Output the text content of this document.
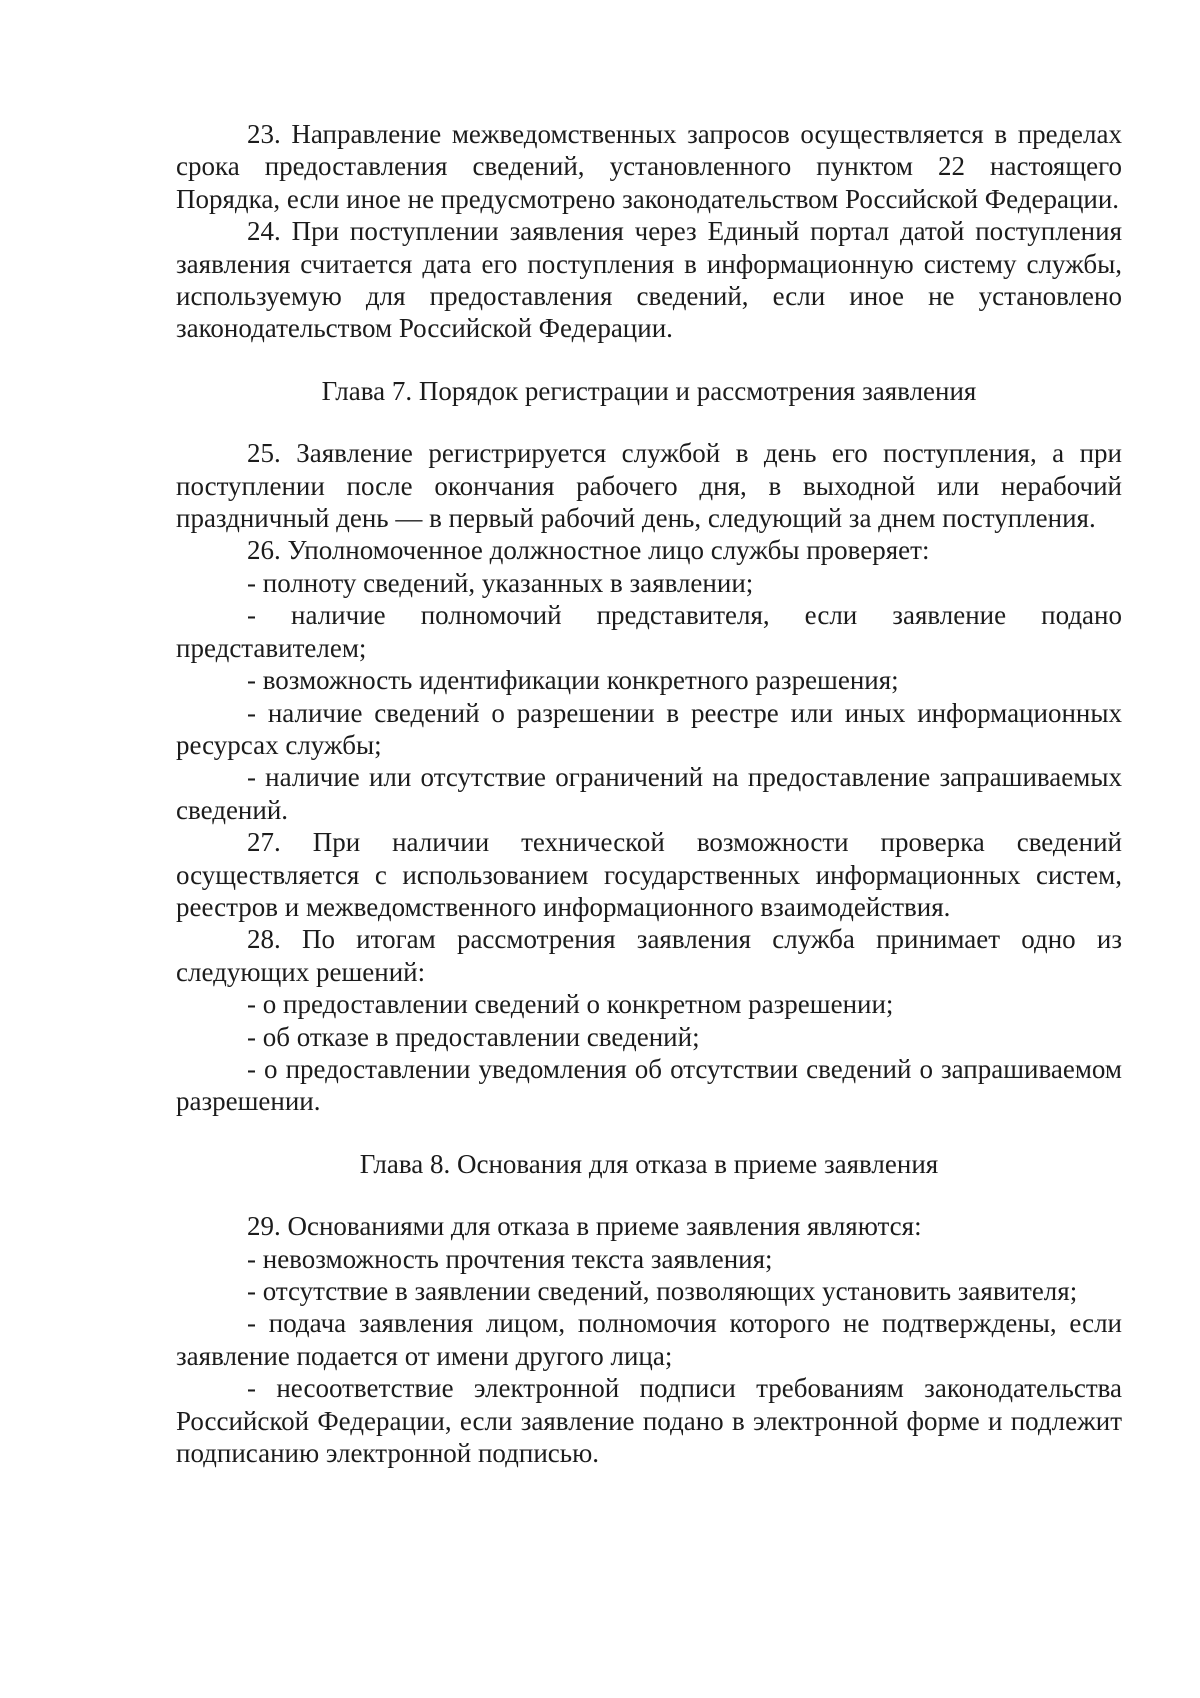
23. Направление межведомственных запросов осуществляется в пределах срока предоставления сведений, установленного пунктом 22 настоящего Порядка, если иное не предусмотрено законодательством Российской Федерации.

24. При поступлении заявления через Единый портал датой поступления заявления считается дата его поступления в информационную систему службы, используемую для предоставления сведений, если иное не установлено законодательством Российской Федерации.

Глава 7. Порядок регистрации и рассмотрения заявления

25. Заявление регистрируется службой в день его поступления, а при поступлении после окончания рабочего дня, в выходной или нерабочий праздничный день — в первый рабочий день, следующий за днем поступления.

26. Уполномоченное должностное лицо службы проверяет:

- полноту сведений, указанных в заявлении;

- наличие полномочий представителя, если заявление подано представителем;

- возможность идентификации конкретного разрешения;

- наличие сведений о разрешении в реестре или иных информационных ресурсах службы;

- наличие или отсутствие ограничений на предоставление запрашиваемых сведений.

27. При наличии технической возможности проверка сведений осуществляется с использованием государственных информационных систем, реестров и межведомственного информационного взаимодействия.

28. По итогам рассмотрения заявления служба принимает одно из следующих решений:

- о предоставлении сведений о конкретном разрешении;

- об отказе в предоставлении сведений;

- о предоставлении уведомления об отсутствии сведений о запрашиваемом разрешении.

Глава 8. Основания для отказа в приеме заявления

29. Основаниями для отказа в приеме заявления являются:

- невозможность прочтения текста заявления;

- отсутствие в заявлении сведений, позволяющих установить заявителя;

- подача заявления лицом, полномочия которого не подтверждены, если заявление подается от имени другого лица;

- несоответствие электронной подписи требованиям законодательства Российской Федерации, если заявление подано в электронной форме и подлежит подписанию электронной подписью.
